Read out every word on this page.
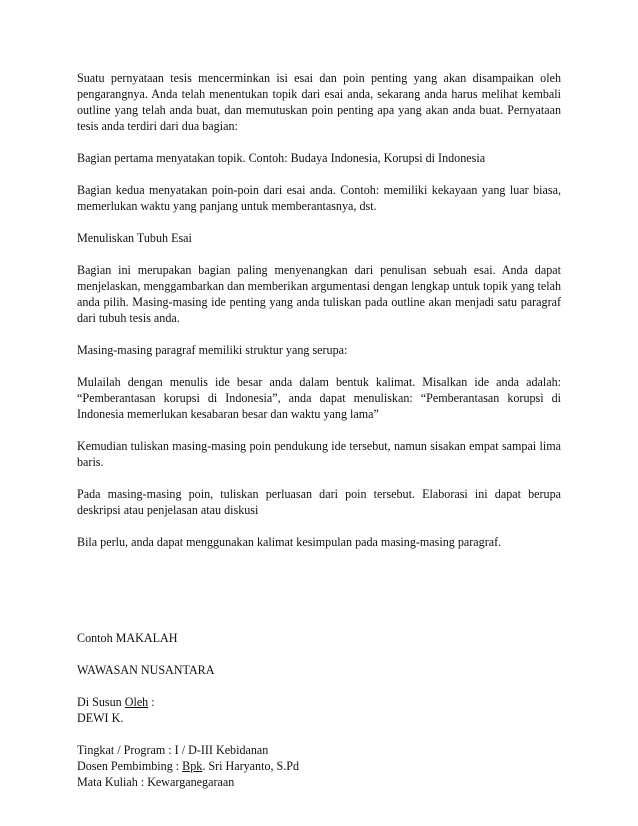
Suatu pernyataan tesis mencerminkan isi esai dan poin penting yang akan disampaikan oleh pengarangnya. Anda telah menentukan topik dari esai anda, sekarang anda harus melihat kembali outline yang telah anda buat, dan memutuskan poin penting apa yang akan anda buat. Pernyataan tesis anda terdiri dari dua bagian:

Bagian pertama menyatakan topik. Contoh: Budaya Indonesia, Korupsi di Indonesia

Bagian kedua menyatakan poin-poin dari esai anda. Contoh: memiliki kekayaan yang luar biasa, memerlukan waktu yang panjang untuk memberantasnya, dst.

Menuliskan Tubuh Esai

Bagian ini merupakan bagian paling menyenangkan dari penulisan sebuah esai. Anda dapat menjelaskan, menggambarkan dan memberikan argumentasi dengan lengkap untuk topik yang telah anda pilih. Masing-masing ide penting yang anda tuliskan pada outline akan menjadi satu paragraf dari tubuh tesis anda.

Masing-masing paragraf memiliki struktur yang serupa:

Mulailah dengan menulis ide besar anda dalam bentuk kalimat. Misalkan ide anda adalah: “Pemberantasan korupsi di Indonesia”, anda dapat menuliskan: “Pemberantasan korupsi di Indonesia memerlukan kesabaran besar dan waktu yang lama”

Kemudian tuliskan masing-masing poin pendukung ide tersebut, namun sisakan empat sampai lima baris.

Pada masing-masing poin, tuliskan perluasan dari poin tersebut. Elaborasi ini dapat berupa deskripsi atau penjelasan atau diskusi

Bila perlu, anda dapat menggunakan kalimat kesimpulan pada masing-masing paragraf.

Contoh MAKALAH

WAWASAN NUSANTARA

Di Susun Oleh :

DEWI K.

Tingkat / Program : I / D-III Kebidanan

Dosen Pembimbing : Bpk. Sri Haryanto, S.Pd

Mata Kuliah : Kewarganegaraan
